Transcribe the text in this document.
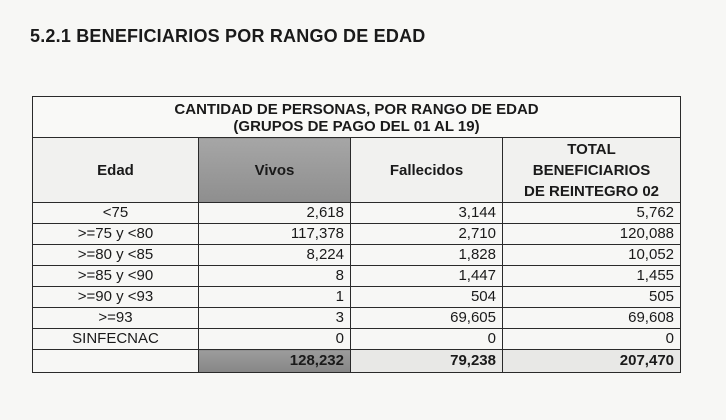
5.2.1 BENEFICIARIOS POR RANGO DE EDAD
CANTIDAD DE PERSONAS, POR RANGO DE EDAD
(GRUPOS DE PAGO DEL 01 AL 19)			

Edad	Vivos	Fallecidos	TOTAL
BENEFICIARIOS
DE REINTEGRO 02

<75	2,618	3,144	5,762
>=75 y <80	117,378	2,710	120,088
>=80 y <85	8,224	1,828	10,052
>=85 y <90	8	1,447	1,455
>=90 y <93	1	504	505
>=93	3	69,605	69,608
SINFECNAC	0	0	0
	128,232	79,238	207,470
